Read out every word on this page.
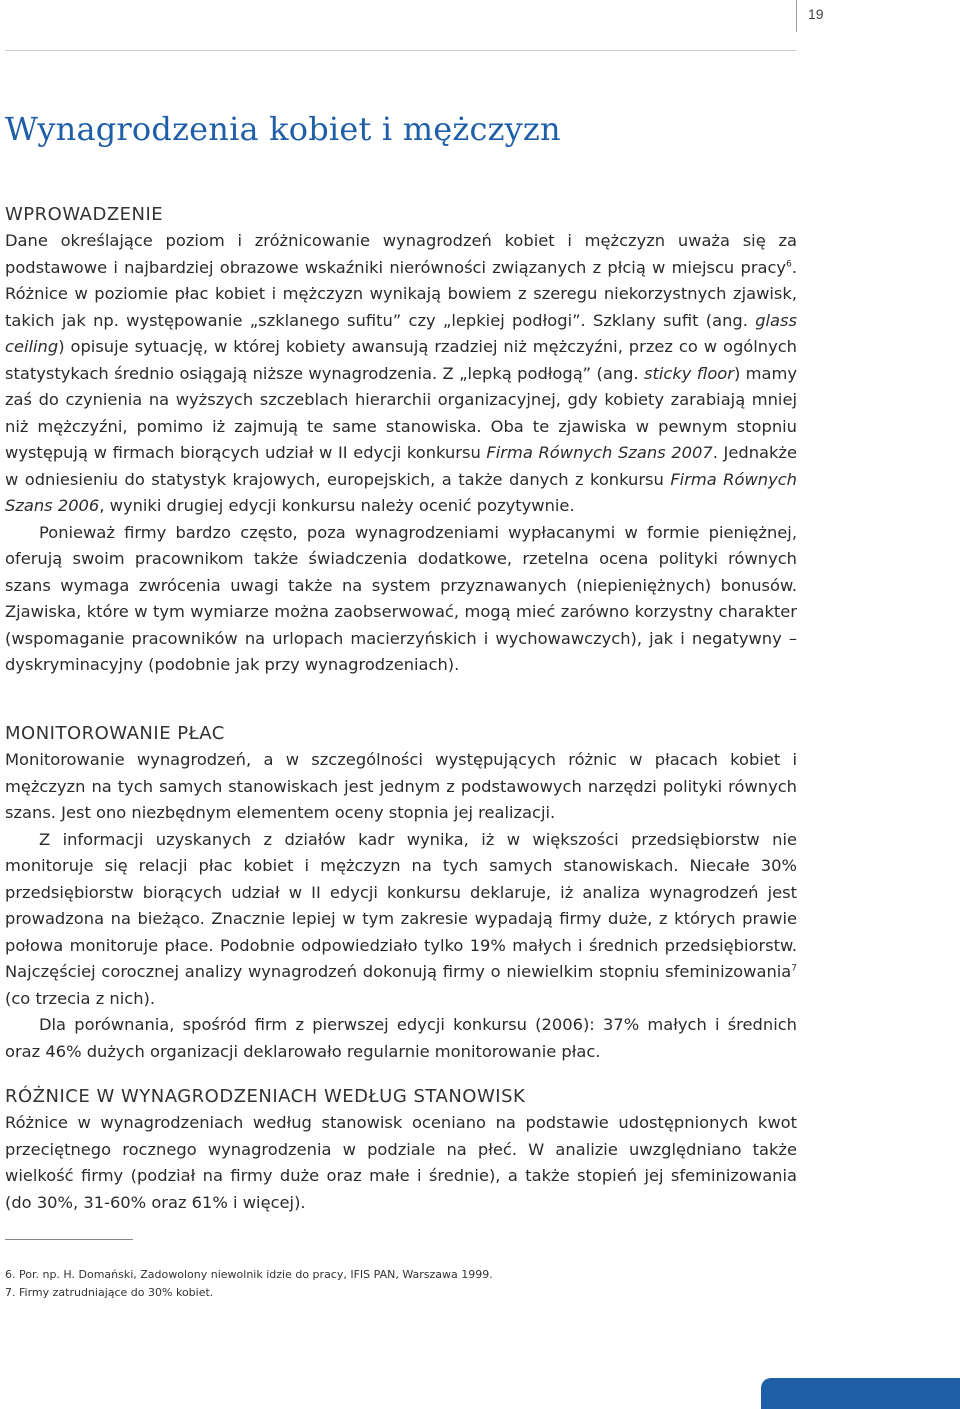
19
Wynagrodzenia kobiet i mężczyzn
WPROWADZENIE

Dane określające poziom i zróżnicowanie wynagrodzeń kobiet i mężczyzn uważa się za podstawowe i najbardziej obrazowe wskaźniki nierówności związanych z płcią w miejscu pracy$^6$. Różnice w poziomie płac kobiet i mężczyzn wynikają bowiem z szeregu niekorzystnych zjawisk, takich jak np. występowanie „szklanego sufitu” czy „lepkiej podłogi”. Szklany sufit (ang. glass ceiling) opisuje sytuację, w której kobiety awansują rzadziej niż mężczyźni, przez co w ogólnych statystykach średnio osiągają niższe wynagrodzenia. Z „lepką podłogą” (ang. sticky floor) mamy zaś do czynienia na wyższych szczeblach hierarchii organizacyjnej, gdy kobiety zarabiają mniej niż mężczyźni, pomimo iż zajmują te same stanowiska. Oba te zjawiska w pewnym stopniu występują w firmach biorących udział w II edycji konkursu Firma Równych Szans 2007. Jednakże w odniesieniu do statystyk krajowych, europejskich, a także danych z konkursu Firma Równych Szans 2006, wyniki drugiej edycji konkursu należy ocenić pozytywnie.

Ponieważ firmy bardzo często, poza wynagrodzeniami wypłacanymi w formie pieniężnej, oferują swoim pracownikom także świadczenia dodatkowe, rzetelna ocena polityki równych szans wymaga zwrócenia uwagi także na system przyznawanych (niepieniężnych) bonusów. Zjawiska, które w tym wymiarze można zaobserwować, mogą mieć zarówno korzystny charakter (wspomaganie pracowników na urlopach macierzyńskich i wychowawczych), jak i negatywny – dyskryminacyjny (podobnie jak przy wynagrodzeniach).

MONITOROWANIE PŁAC

Monitorowanie wynagrodzeń, a w szczególności występujących różnic w płacach kobiet i mężczyzn na tych samych stanowiskach jest jednym z podstawowych narzędzi polityki równych szans. Jest ono niezbędnym elementem oceny stopnia jej realizacji.

Z informacji uzyskanych z działów kadr wynika, iż w większości przedsiębiorstw nie monitoruje się relacji płac kobiet i mężczyzn na tych samych stanowiskach. Niecałe 30% przedsiębiorstw biorących udział w II edycji konkursu deklaruje, iż analiza wynagrodzeń jest prowadzona na bieżąco. Znacznie lepiej w tym zakresie wypadają firmy duże, z których prawie połowa monitoruje płace. Podobnie odpowiedziało tylko 19% małych i średnich przedsiębiorstw. Najczęściej corocznej analizy wynagrodzeń dokonują firmy o niewielkim stopniu sfeminizowania$^7$ (co trzecia z nich).

Dla porównania, spośród firm z pierwszej edycji konkursu (2006): 37% małych i średnich oraz 46% dużych organizacji deklarowało regularnie monitorowanie płac.

RÓŻNICE W WYNAGRODZENIACH WEDŁUG STANOWISK

Różnice w wynagrodzeniach według stanowisk oceniano na podstawie udostępnionych kwot przeciętnego rocznego wynagrodzenia w podziale na płeć. W analizie uwzględniano także wielkość firmy (podział na firmy duże oraz małe i średnie), a także stopień jej sfeminizowania (do 30%, 31-60% oraz 61% i więcej).

6. Por. np. H. Domański, Zadowolony niewolnik idzie do pracy, IFIS PAN, Warszawa 1999.

7. Firmy zatrudniające do 30% kobiet.
